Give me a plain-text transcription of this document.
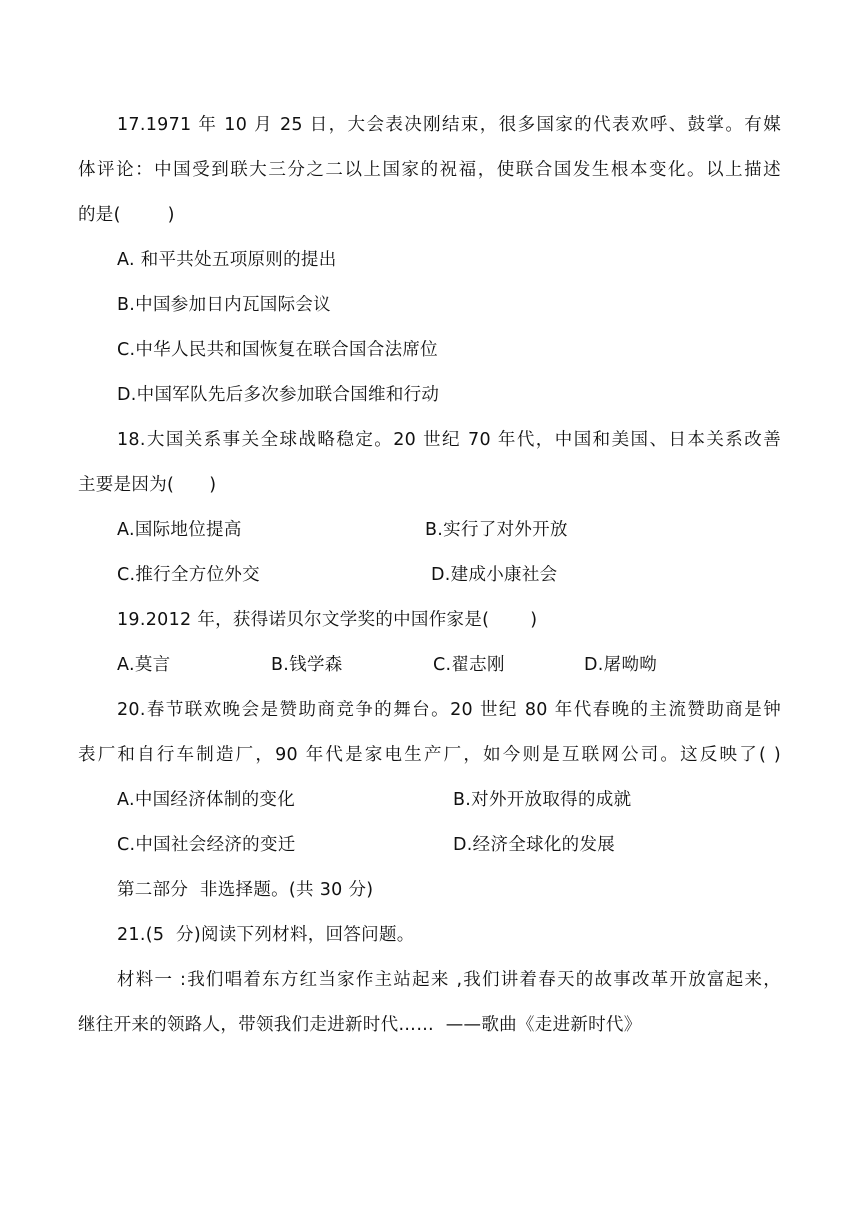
17.1971 年 10 月 25 日，大会表决刚结束，很多国家的代表欢呼、鼓掌。有媒
体评论：中国受到联大三分之二以上国家的祝福，使联合国发生根本变化。以上描述
的是(        )
A. 和平共处五项原则的提出
B.中国参加日内瓦国际会议
C.中华人民共和国恢复在联合国合法席位
D.中国军队先后多次参加联合国维和行动
18.大国关系事关全球战略稳定。20 世纪 70 年代，中国和美国、日本关系改善
主要是因为(      )
A.国际地位提高	B.实行了对外开放
C.推行全方位外交	D.建成小康社会
19.2012 年，获得诺贝尔文学奖的中国作家是(       )
A.莫言	B.钱学森	C.翟志刚	D.屠呦呦
20.春节联欢晚会是赞助商竞争的舞台。20 世纪 80 年代春晚的主流赞助商是钟
表厂和自行车制造厂，90 年代是家电生产厂，如今则是互联网公司。这反映了( )
A.中国经济体制的变化	B.对外开放取得的成就
C.中国社会经济的变迁	D.经济全球化的发展
第二部分  非选择题。(共 30 分)
21.(5  分)阅读下列材料，回答问题。
材料一 :我们唱着东方红当家作主站起来 ,我们讲着春天的故事改革开放富起来，
继往开来的领路人，带领我们走进新时代……  ——歌曲《走进新时代》
